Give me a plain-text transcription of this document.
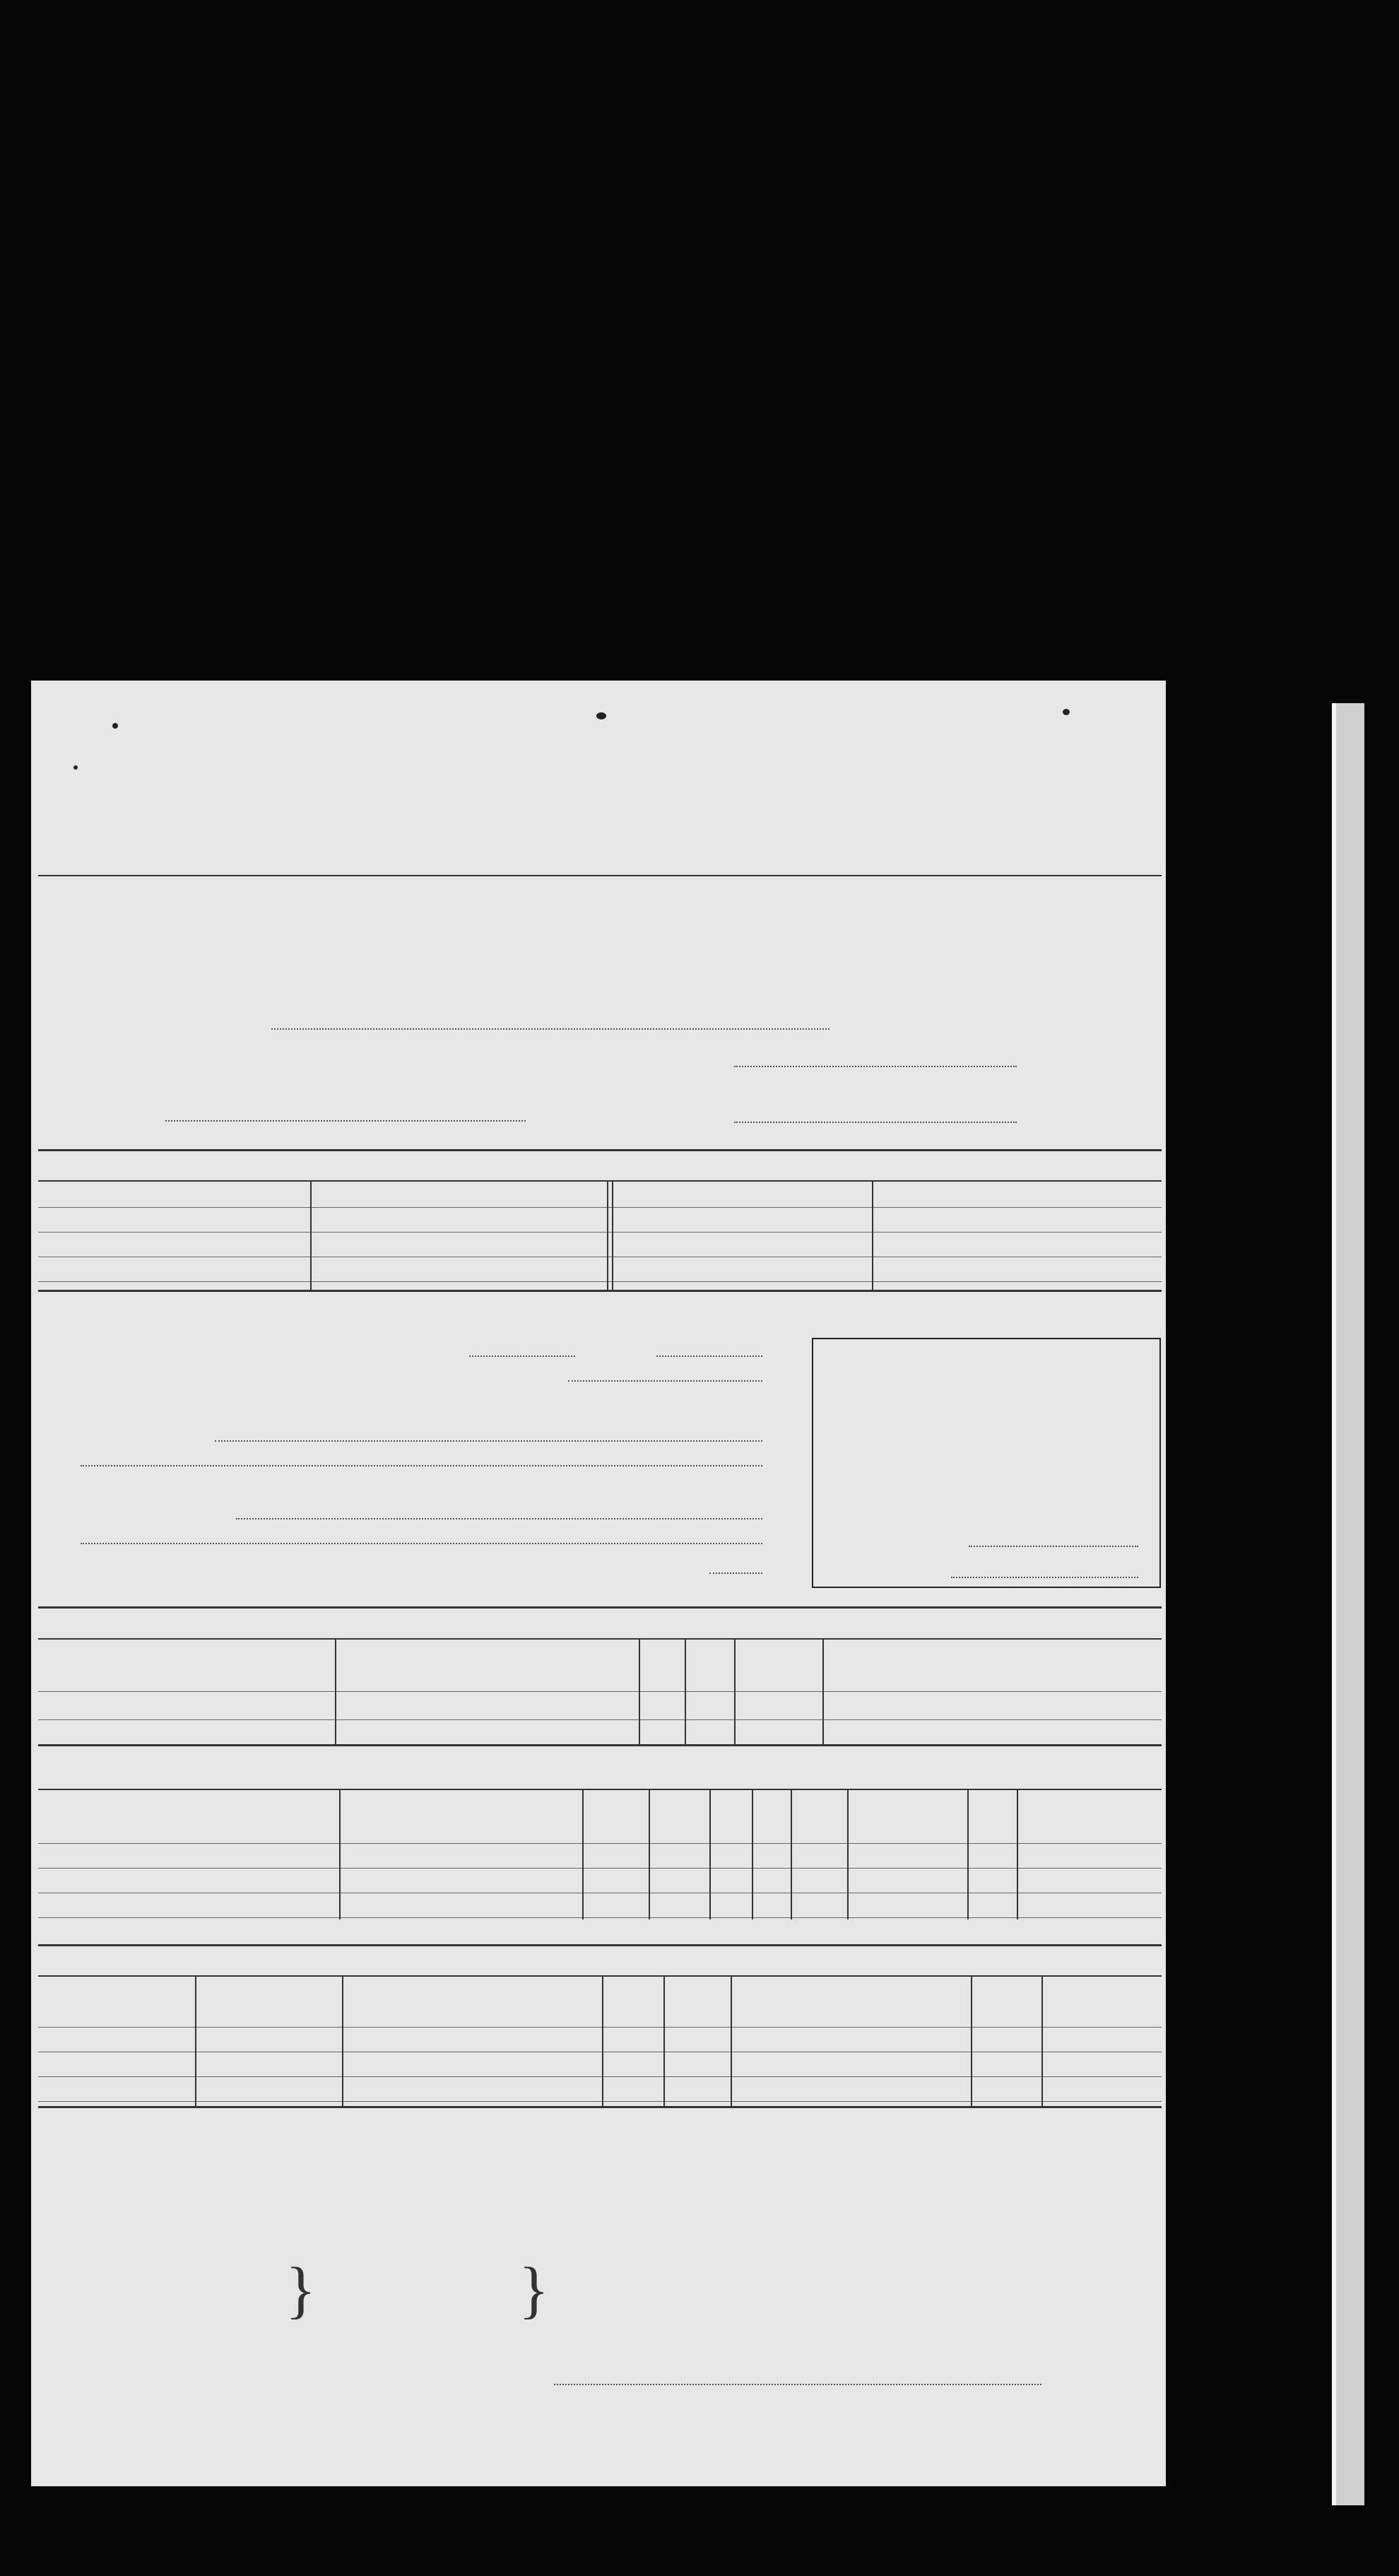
}	}
